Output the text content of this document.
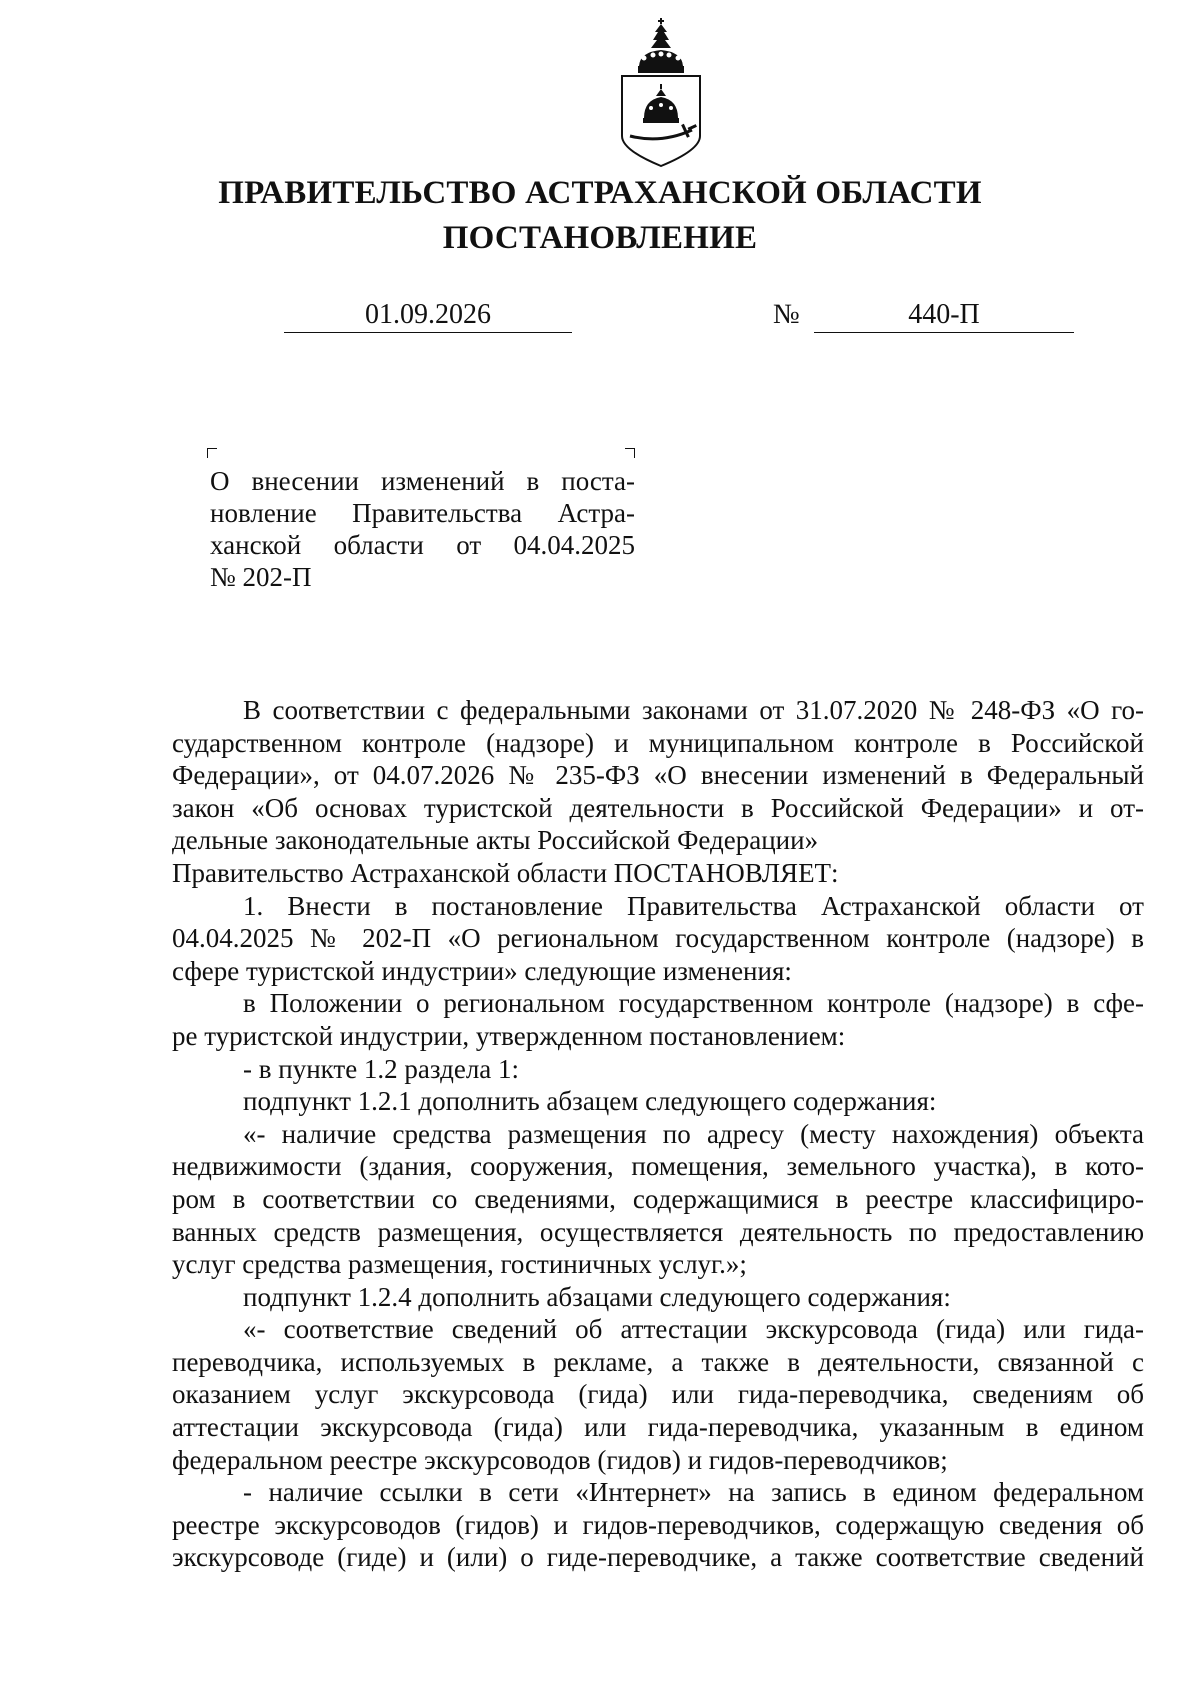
ПРАВИТЕЛЬСТВО АСТРАХАНСКОЙ ОБЛАСТИ
ПОСТАНОВЛЕНИЕ
01.09.2026	№	440-П
О внесении изменений в поста-
новление Правительства Астра-
ханской области от 04.04.2025
№ 202-П
В соответствии с федеральными законами от 31.07.2020 № 248-ФЗ «О го-
сударственном контроле (надзоре) и муниципальном контроле в Российской
Федерации», от 04.07.2026 № 235-ФЗ «О внесении изменений в Федеральный
закон «Об основах туристской деятельности в Российской Федерации» и от-
дельные законодательные акты Российской Федерации»
Правительство Астраханской области ПОСТАНОВЛЯЕТ:
1. Внести в постановление Правительства Астраханской области от
04.04.2025 № 202-П «О региональном государственном контроле (надзоре) в
сфере туристской индустрии» следующие изменения:
в Положении о региональном государственном контроле (надзоре) в сфе-
ре туристской индустрии, утвержденном постановлением:
- в пункте 1.2 раздела 1:
подпункт 1.2.1 дополнить абзацем следующего содержания:
«- наличие средства размещения по адресу (месту нахождения) объекта
недвижимости (здания, сооружения, помещения, земельного участка), в кото-
ром в соответствии со сведениями, содержащимися в реестре классифициро-
ванных средств размещения, осуществляется деятельность по предоставлению
услуг средства размещения, гостиничных услуг.»;
подпункт 1.2.4 дополнить абзацами следующего содержания:
«- соответствие сведений об аттестации экскурсовода (гида) или гида-
переводчика, используемых в рекламе, а также в деятельности, связанной с
оказанием услуг экскурсовода (гида) или гида-переводчика, сведениям об
аттестации экскурсовода (гида) или гида-переводчика, указанным в едином
федеральном реестре экскурсоводов (гидов) и гидов-переводчиков;
- наличие ссылки в сети «Интернет» на запись в едином федеральном
реестре экскурсоводов (гидов) и гидов-переводчиков, содержащую сведения об
экскурсоводе (гиде) и (или) о гиде-переводчике, а также соответствие сведений
